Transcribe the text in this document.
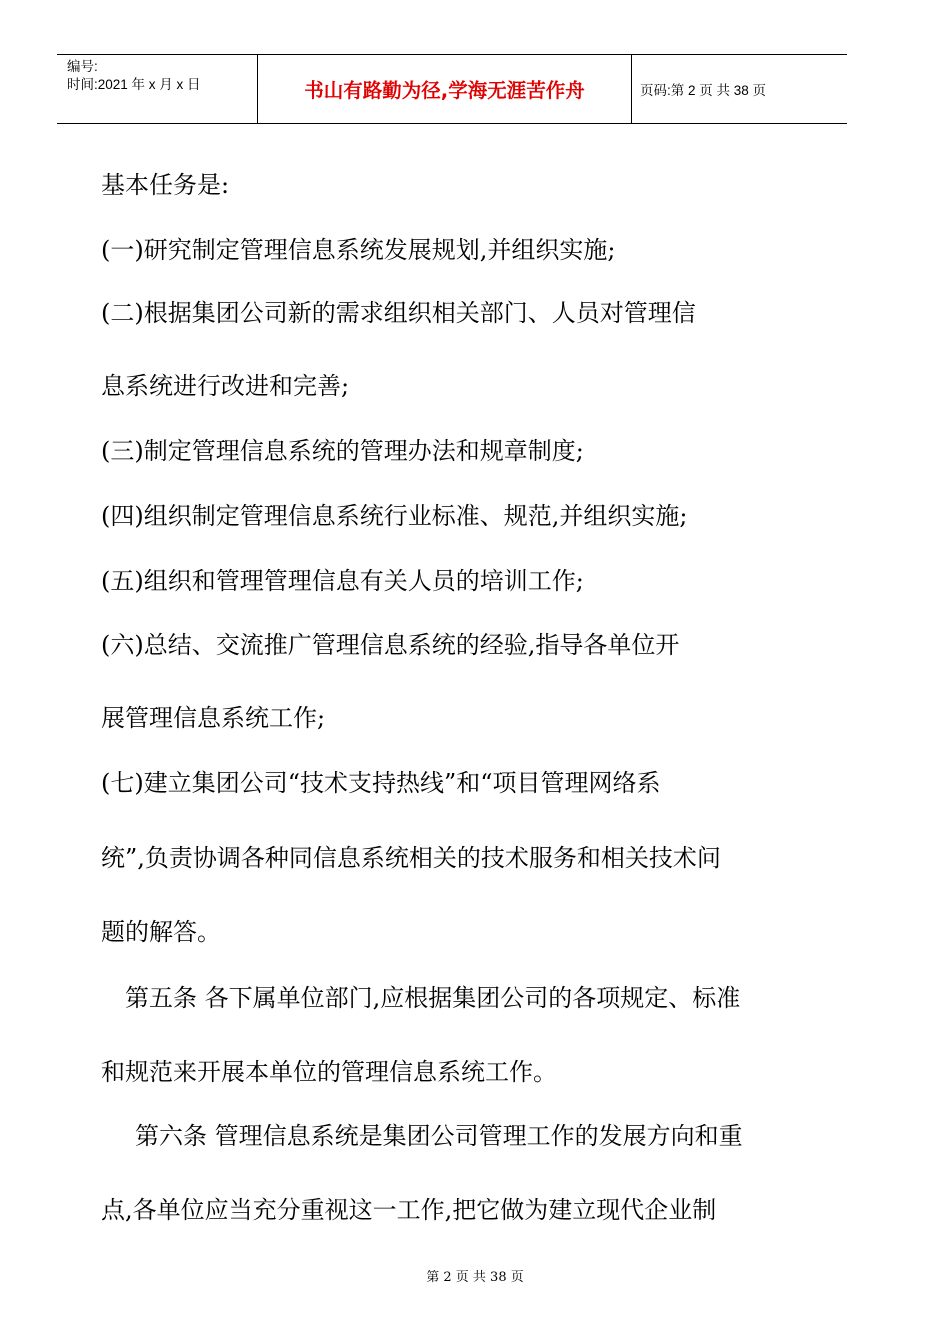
编号:
时间:2021 年 x 月 x 日	书山有路勤为径,学海无涯苦作舟	页码:第 2 页 共 38 页
基本任务是:
(一)研究制定管理信息系统发展规划,并组织实施;
(二)根据集团公司新的需求组织相关部门、人员对管理信
息系统进行改进和完善;
(三)制定管理信息系统的管理办法和规章制度;
(四)组织制定管理信息系统行业标准、规范,并组织实施;
(五)组织和管理管理信息有关人员的培训工作;
(六)总结、交流推广管理信息系统的经验,指导各单位开
展管理信息系统工作;
(七)建立集团公司“技术支持热线”和“项目管理网络系
统”,负责协调各种同信息系统相关的技术服务和相关技术问
题的解答。
第五条 各下属单位部门,应根据集团公司的各项规定、标准
和规范来开展本单位的管理信息系统工作。
第六条 管理信息系统是集团公司管理工作的发展方向和重
点,各单位应当充分重视这一工作,把它做为建立现代企业制
第 2 页 共 38 页
